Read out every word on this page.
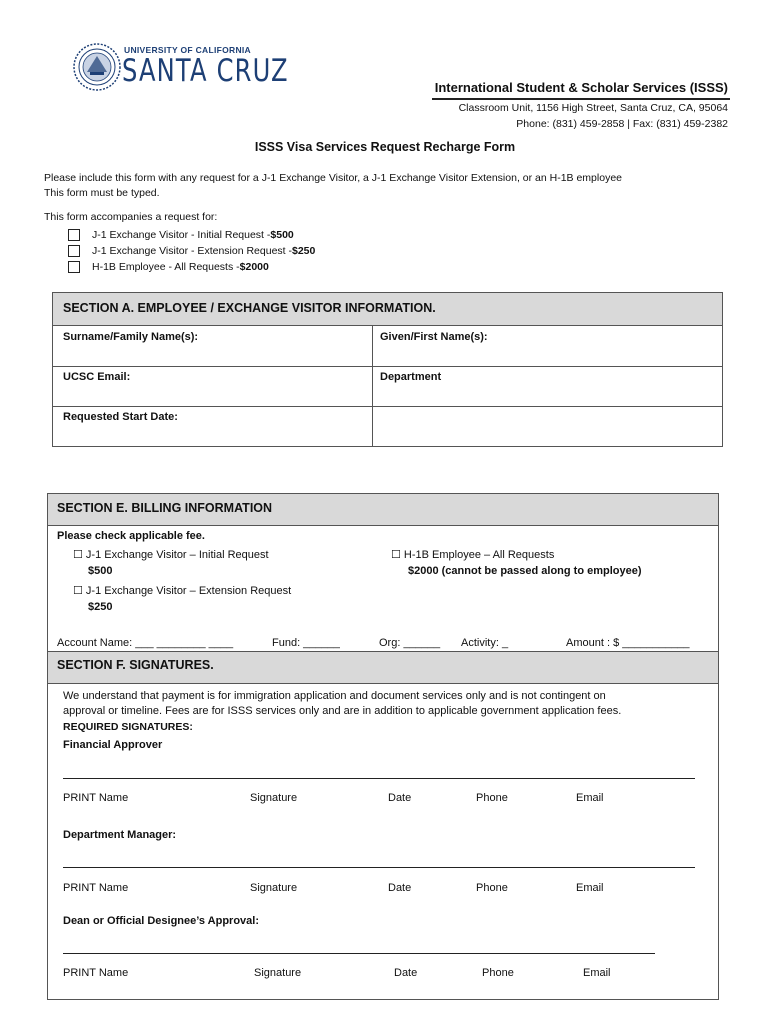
UNIVERSITY OF CALIFORNIA
SANTA CRUZ	International Student & Scholar Services (ISSS)
Classroom Unit, 1156 High Street, Santa Cruz, CA, 95064
Phone: (831) 459-2858 | Fax: (831) 459-2382
ISSS Visa Services Request Recharge Form
Please include this form with any request for a J-1 Exchange Visitor, a J-1 Exchange Visitor Extension, or an H-1B employee
This form must be typed.
This form accompanies a request for:
J-1 Exchange Visitor - Initial Request - $500
J-1 Exchange Visitor - Extension Request - $250
H-1B Employee - All Requests - $2000
SECTION A. EMPLOYEE / EXCHANGE VISITOR INFORMATION.
Surname/Family Name(s):	Given/First Name(s):
UCSC Email:	Department
Requested Start Date:
SECTION E. BILLING INFORMATION
Please check applicable fee.
☐ J-1 Exchange Visitor – Initial Request
$500
☐ J-1 Exchange Visitor – Extension Request
$250
☐ H-1B Employee – All Requests
$2000 (cannot be passed along to employee)
Account Name: ___ ________ ____	Fund: ______	Org: ______ Activity: _	Amount : $ ___________
SECTION F. SIGNATURES.
We understand that payment is for immigration application and document services only and is not contingent on
approval or timeline. Fees are for ISSS services only and are in addition to applicable government application fees.
REQUIRED SIGNATURES:
Financial Approver
PRINT Name	Signature	Date	Phone	Email
Department Manager:
PRINT Name	Signature	Date	Phone	Email
Dean or Official Designee’s Approval:
PRINT Name	Signature	Date	Phone	Email
